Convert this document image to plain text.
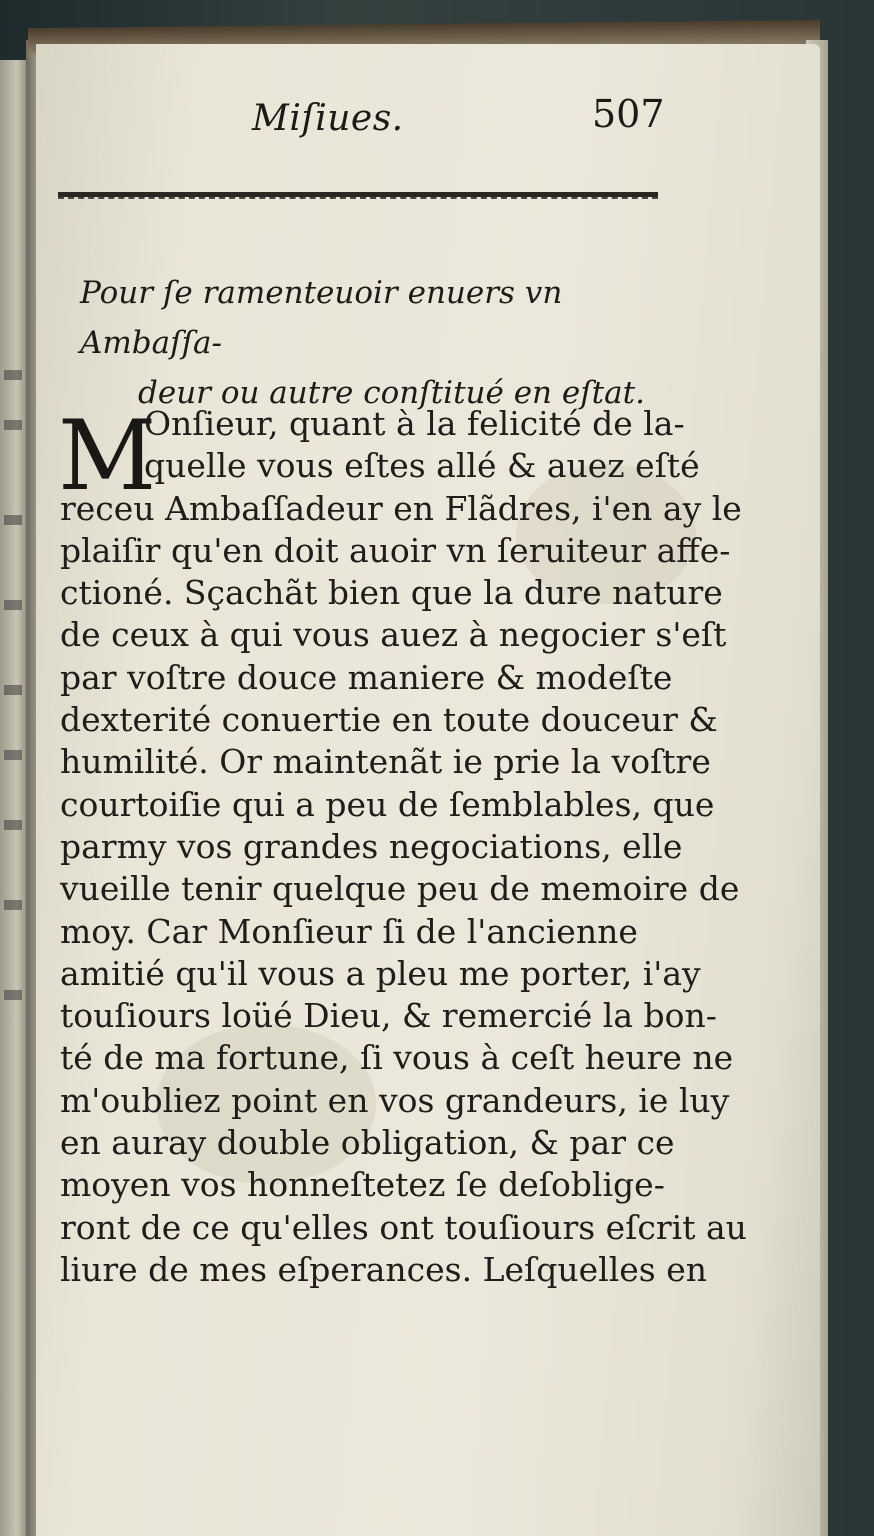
Miſiues.	507
Pour ſe ramenteuoir enuers vn Ambaſſa-
deur ou autre conſtitué en eſtat.
M
Onſieur, quant à la felicité de la-
quelle vous eſtes allé & auez eſté
receu Ambaſſadeur en Flãdres, i'en ay le
plaiſir qu'en doit auoir vn ſeruiteur affe-
ctioné. Sçachãt bien que la dure nature
de ceux à qui vous auez à negocier s'eſt
par voſtre douce maniere & modeſte
dexterité conuertie en toute douceur &
humilité. Or maintenãt ie prie la voſtre
courtoiſie qui a peu de ſemblables, que
parmy vos grandes negociations, elle
vueille tenir quelque peu de memoire de
moy. Car Monſieur ſi de l'ancienne
amitié qu'il vous a pleu me porter, i'ay
touſiours loüé Dieu, & remercié la bon-
té de ma fortune, ſi vous à ceſt heure ne
m'oubliez point en vos grandeurs, ie luy
en auray double obligation, & par ce
moyen vos honneſtetez ſe deſoblige-
ront de ce qu'elles ont touſiours eſcrit au
liure de mes eſperances. Leſquelles en
